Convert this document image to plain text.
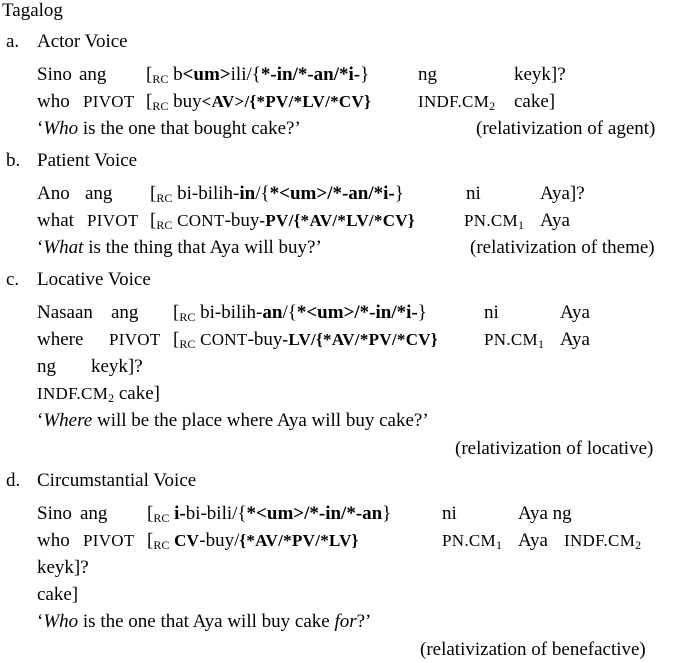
Tagalog
a. Actor Voice
Sino ang [RC b<um>ili/{*-in/*-an/*i-}	ng	keyk]?
who PIVOT [RC buy<AV>/{*PV/*LV/*CV}	$INDF.CM_2$ cake]
‘Who is the one that bought cake?’	(relativization of agent)
b. Patient Voice
Ano ang [RC bi-bilih-in/{*<um>/*-an/*i-}	ni	Aya]?
what PIVOT [RC CONT-buy-PV/{*AV/*LV/*CV}	$PN.CM_1$ Aya
‘What is the thing that Aya will buy?’	(relativization of theme)
c. Locative Voice
Nasaan ang [RC bi-bilih-an/{*<um>/*-in/*i-}	ni	Aya
where PIVOT [RC CONT-buy-LV/{*AV/*PV/*CV}	$PN.CM_1$ Aya
ng keyk]?
$INDF.CM_2$ cake]
‘Where will be the place where Aya will buy cake?’
(relativization of locative)
d. Circumstantial Voice
Sino ang [RC i-bi-bili/{*<um>/*-in/*-an}	ni	Aya ng
who PIVOT [RC CV-buy/{*AV/*PV/*LV}	$PN.CM_1$ Aya $INDF.CM_2$
keyk]?
cake]
‘Who is the one that Aya will buy cake for?’
(relativization of benefactive)
